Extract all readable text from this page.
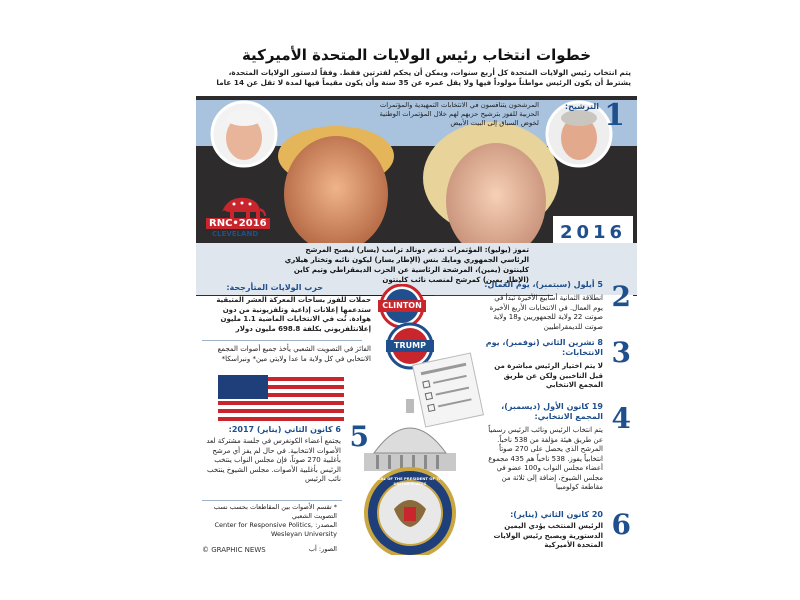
خطوات انتخاب رئيس الولايات المتحدة الأميركية
يتم انتخاب رئيس الولايات المتحدة كل أربع سنوات، ويمكن أن يحكم لفترتين فقط. وفقاً لدستور الولايات المتحدة، يشترط أن يكون الرئيس مواطناً مولوداً فيها ولا يقل عمره عن 35 سنة وأن يكون مقيماً فيها لمدة لا تقل عن 14 عاما
1
الترشيح:
المرشحون يتنافسون في الانتخابات التمهيدية والمؤتمرات الحزبية للفوز بترشيح حزبهم لهم خلال المؤتمرات الوطنية لخوض السباق إلى البيت الأبيض
RNC•2016
CLEVELAND	2016
تموز (يوليو): المؤتمرات تدعم دونالد ترامب (يسار) ليصبح المرشح الرئاسي الجمهوري ومايك بنس (الإطار يسار) ليكون نائبه وتختار هيلاري كلينتون (يمين)، المرشحة الرئاسية عن الحزب الديمقراطي وتيم كاين (الإطار يمين) كمرشح لمنصب نائب كلينتون	2
5 أيلول (سبتمبر)، يوم العمال:
انطلاقة الثمانية أسابيع الأخيرة تبدأ في يوم العمال. في الانتخابات الأربع الأخيرة صوتت 22 ولاية للجمهوريين و18 ولاية صوتت للديمقراطيين
CLINTON
TRUMP
حرب الولايات المتأرجحة:
حملات للفوز بساحات المعركة العشر المتبقية ستدعمها إعلانات إذاعية وتلفزيونية من دون هوادة. ثُت في الانتخابات الماضية 1.1 مليون إعلانتلفزيوني بكلفة 698.8 مليون دولار
الفائز في التصويت الشعبي يأخذ جميع أصوات المجمع الانتخابي في كل ولاية ما عدا ولايتي مين* ونبراسكا*	3
8 تشرين الثاني (نوفمبر)، يوم الانتخابات:
لا يتم اختيار الرئيس مباشرة من قبل الناخبين ولكن عن طريق المجمع الانتخابي
4
19 كانون الأول (ديسمبر)، المجمع الانتخابي:
يتم انتخاب الرئيس ونائب الرئيس رسمياً عن طريق هيئة مؤلفة من 538 ناخباً. المرشح الذي يحصل على 270 صوتاً انتخابياً يفوز. 538 ناخباً هم 435 مجموع أعضاء مجلس النواب و100 عضو في مجلس الشيوخ، إضافة إلى ثلاثة من مقاطعة كولومبيا
SEAL OF THE PRESIDENT OF THE UNITED STATES
5
6 كانون الثاني (يناير) 2017:
يجتمع أعضاء الكونغرس في جلسة مشتركة لعد الأصوات الانتخابية. في حال لم يفز أي مرشح بأغلبية 270 صوتاً، فإن مجلس النواب ينتخب الرئيس بأغلبية الأصوات. مجلس الشيوخ ينتخب نائب الرئيس
* تقسم الأصوات بين المقاطعات بحسب نسب التصويت الشعبي
المصدر: Center for Responsive Politics, Wesleyan University
الصور: أب
6
20 كانون الثاني (يناير):
الرئيس المنتخب يؤدي اليمين الدستورية ويصبح رئيس الولايات المتحدة الأميركية
© GRAPHIC NEWS
